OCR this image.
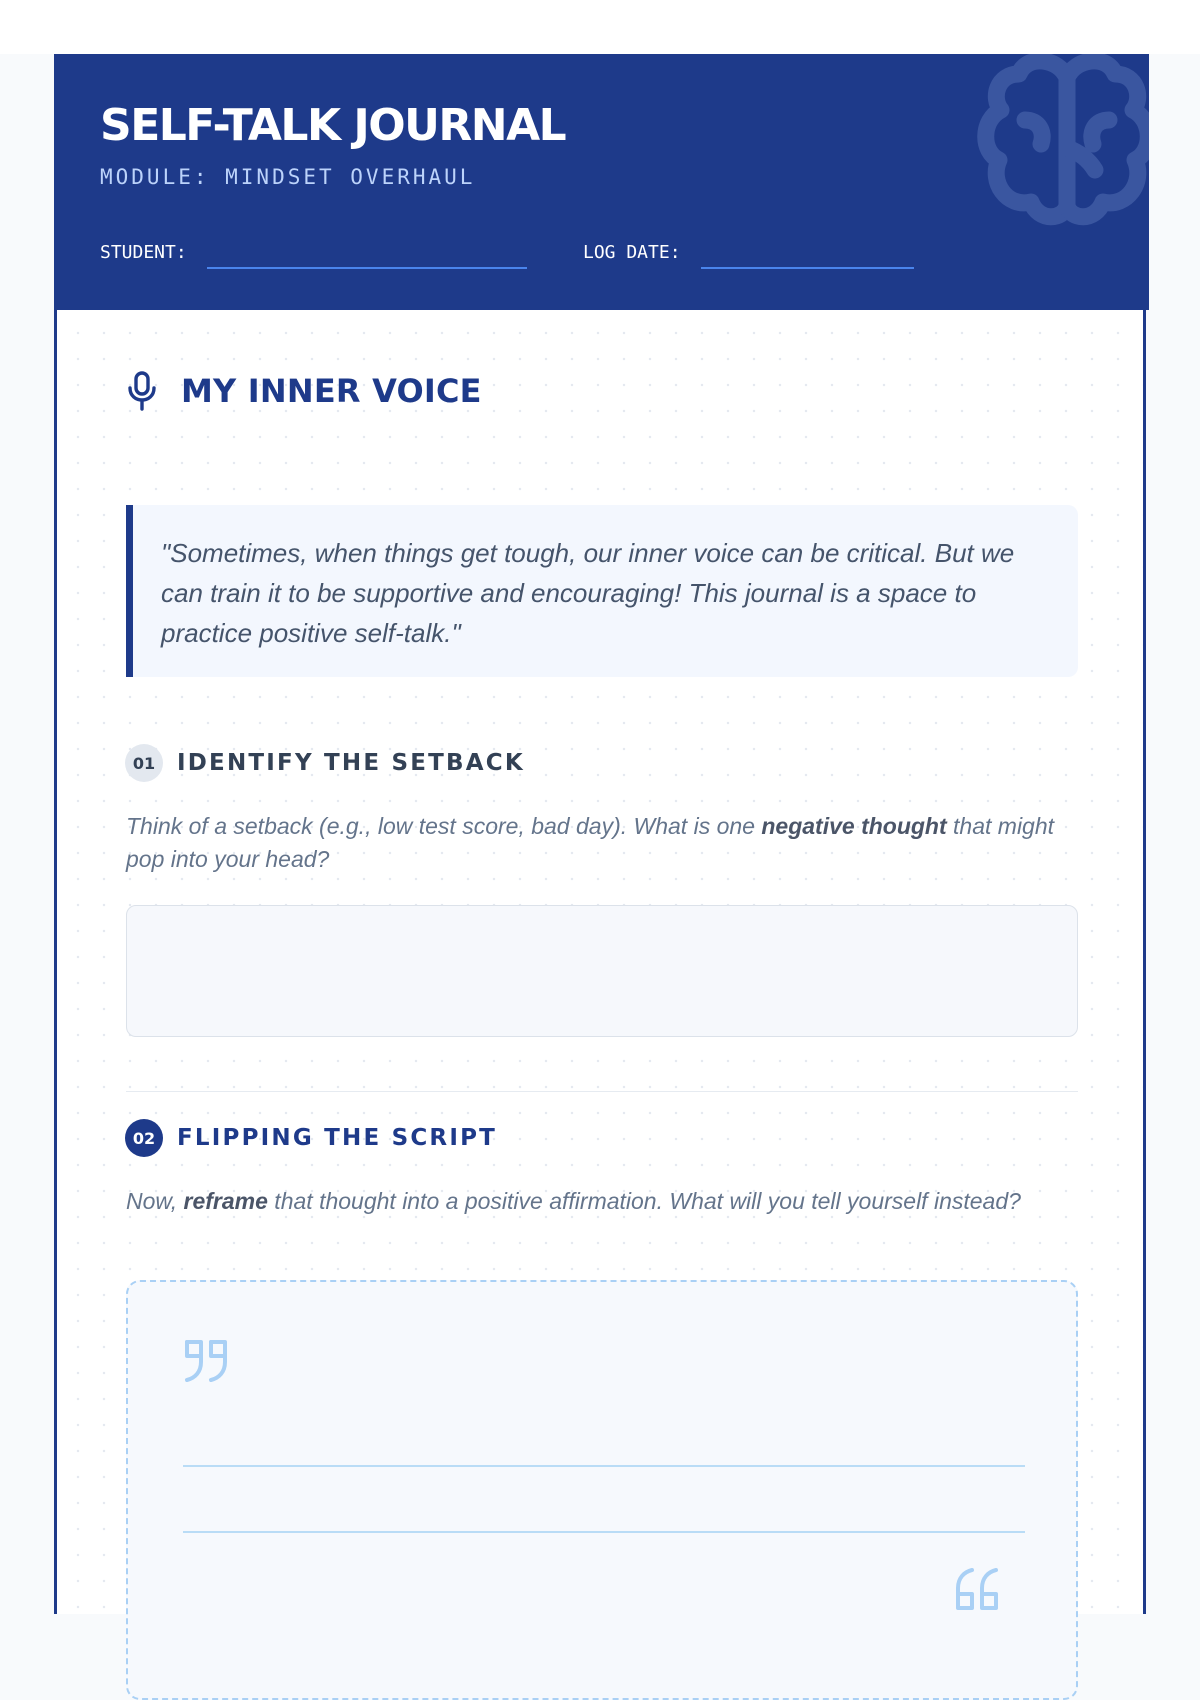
SELF-TALK JOURNAL
MODULE: MINDSET OVERHAUL
STUDENT:	LOG DATE:
MY INNER VOICE
"Sometimes, when things get tough, our inner voice can be critical. But we can train it to be supportive and encouraging! This journal is a space to practice positive self-talk."
01 IDENTIFY THE SETBACK
Think of a setback (e.g., low test score, bad day). What is one negative thought that might pop into your head?
02 FLIPPING THE SCRIPT
Now, reframe that thought into a positive affirmation. What will you tell yourself instead?
